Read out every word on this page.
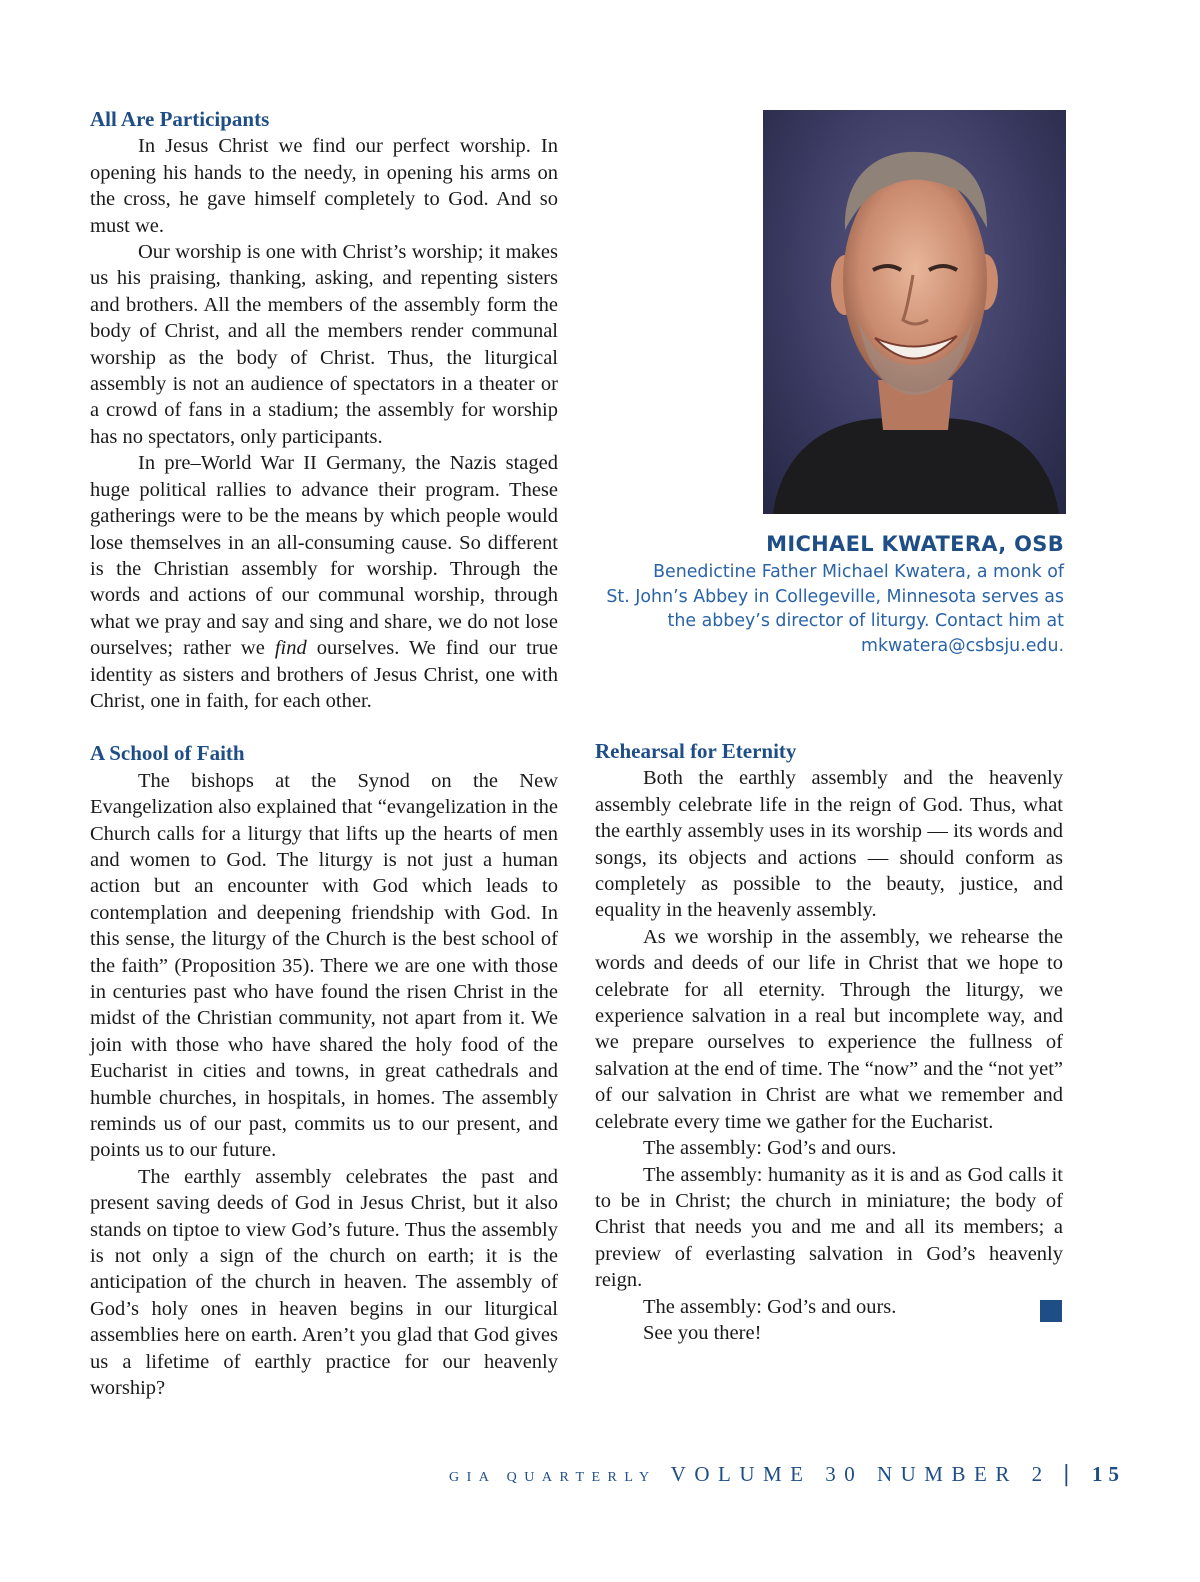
All Are Participants

In Jesus Christ we find our perfect worship. In opening his hands to the needy, in opening his arms on the cross, he gave himself completely to God. And so must we.

Our worship is one with Christ’s worship; it makes us his praising, thanking, asking, and repenting sisters and brothers. All the members of the assembly form the body of Christ, and all the members render communal worship as the body of Christ. Thus, the liturgical assembly is not an audience of spectators in a theater or a crowd of fans in a stadium; the assembly for worship has no spectators, only participants.

In pre–World War II Germany, the Nazis staged huge political rallies to advance their program. These gatherings were to be the means by which people would lose themselves in an all-consuming cause. So different is the Christian assembly for worship. Through the words and actions of our communal worship, through what we pray and say and sing and share, we do not lose ourselves; rather we find ourselves. We find our true identity as sisters and brothers of Jesus Christ, one with Christ, one in faith, for each other.

A School of Faith

The bishops at the Synod on the New Evangelization also explained that “evangelization in the Church calls for a liturgy that lifts up the hearts of men and women to God. The liturgy is not just a human action but an encounter with God which leads to contemplation and deepening friendship with God. In this sense, the liturgy of the Church is the best school of the faith” (Proposition 35). There we are one with those in centuries past who have found the risen Christ in the midst of the Christian community, not apart from it. We join with those who have shared the holy food of the Eucharist in cities and towns, in great cathedrals and humble churches, in hospitals, in homes. The assembly reminds us of our past, commits us to our present, and points us to our future.

The earthly assembly celebrates the past and present saving deeds of God in Jesus Christ, but it also stands on tiptoe to view God’s future. Thus the assembly is not only a sign of the church on earth; it is the anticipation of the church in heaven. The assembly of God’s holy ones in heaven begins in our liturgical assemblies here on earth. Aren’t you glad that God gives us a lifetime of earthly practice for our heavenly worship?

MICHAEL KWATERA, OSB
Benedictine Father Michael Kwatera, a monk of
St. John’s Abbey in Collegeville, Minnesota serves as
the abbey’s director of liturgy. Contact him at
mkwatera@csbsju.edu.
Rehearsal for Eternity

Both the earthly assembly and the heavenly assembly celebrate life in the reign of God. Thus, what the earthly assembly uses in its worship — its words and songs, its objects and actions — should conform as completely as possible to the beauty, justice, and equality in the heavenly assembly.

As we worship in the assembly, we rehearse the words and deeds of our life in Christ that we hope to celebrate for all eternity. Through the liturgy, we experience salvation in a real but incomplete way, and we prepare ourselves to experience the fullness of salvation at the end of time. The “now” and the “not yet” of our salvation in Christ are what we remember and celebrate every time we gather for the Eucharist.

The assembly: God’s and ours.

The assembly: humanity as it is and as God calls it to be in Christ; the church in miniature; the body of Christ that needs you and me and all its members; a preview of everlasting salvation in God’s heavenly reign.

The assembly: God’s and ours.

See you there!

GIA QUARTERLY VOLUME 30 NUMBER 2 | 15
